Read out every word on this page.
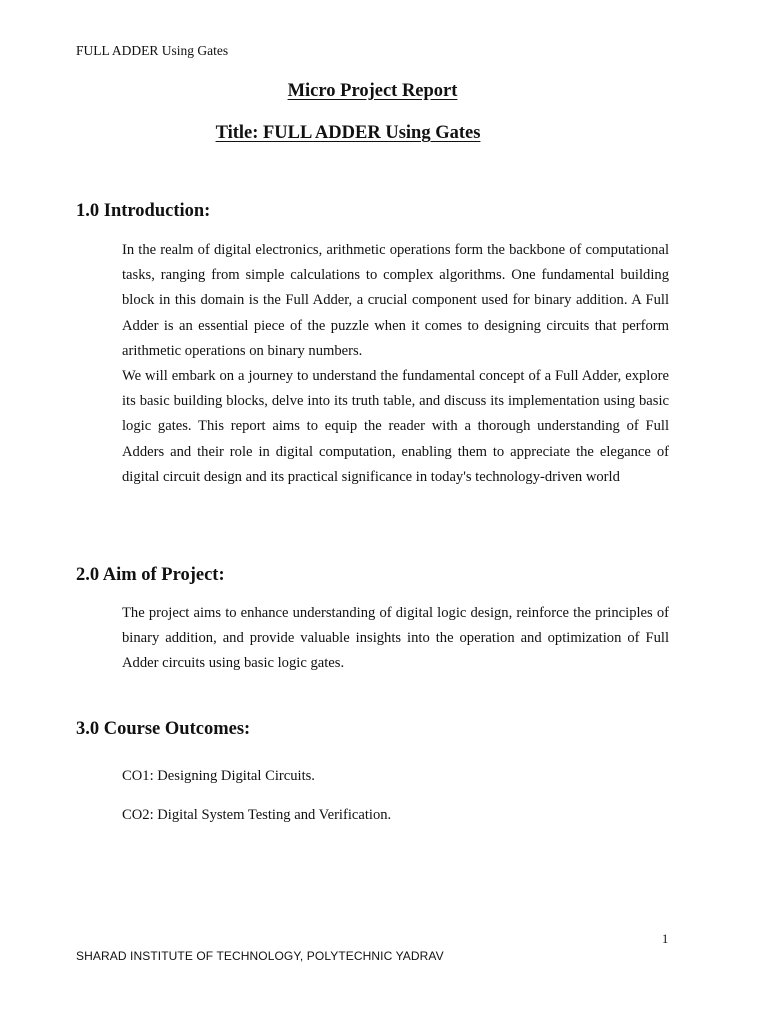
FULL ADDER Using Gates
Micro Project Report
Title: FULL ADDER Using Gates
1.0 Introduction:

In the realm of digital electronics, arithmetic operations form the backbone of computational tasks, ranging from simple calculations to complex algorithms. One fundamental building block in this domain is the Full Adder, a crucial component used for binary addition. A Full Adder is an essential piece of the puzzle when it comes to designing circuits that perform arithmetic operations on binary numbers.

We will embark on a journey to understand the fundamental concept of a Full Adder, explore its basic building blocks, delve into its truth table, and discuss its implementation using basic logic gates. This report aims to equip the reader with a thorough understanding of Full Adders and their role in digital computation, enabling them to appreciate the elegance of digital circuit design and its practical significance in today's technology-driven world

2.0 Aim of Project:

The project aims to enhance understanding of digital logic design, reinforce the principles of binary addition, and provide valuable insights into the operation and optimization of Full Adder circuits using basic logic gates.

3.0 Course Outcomes:
CO1: Designing Digital Circuits.
CO2: Digital System Testing and Verification.
1
SHARAD INSTITUTE OF TECHNOLOGY, POLYTECHNIC YADRAV
